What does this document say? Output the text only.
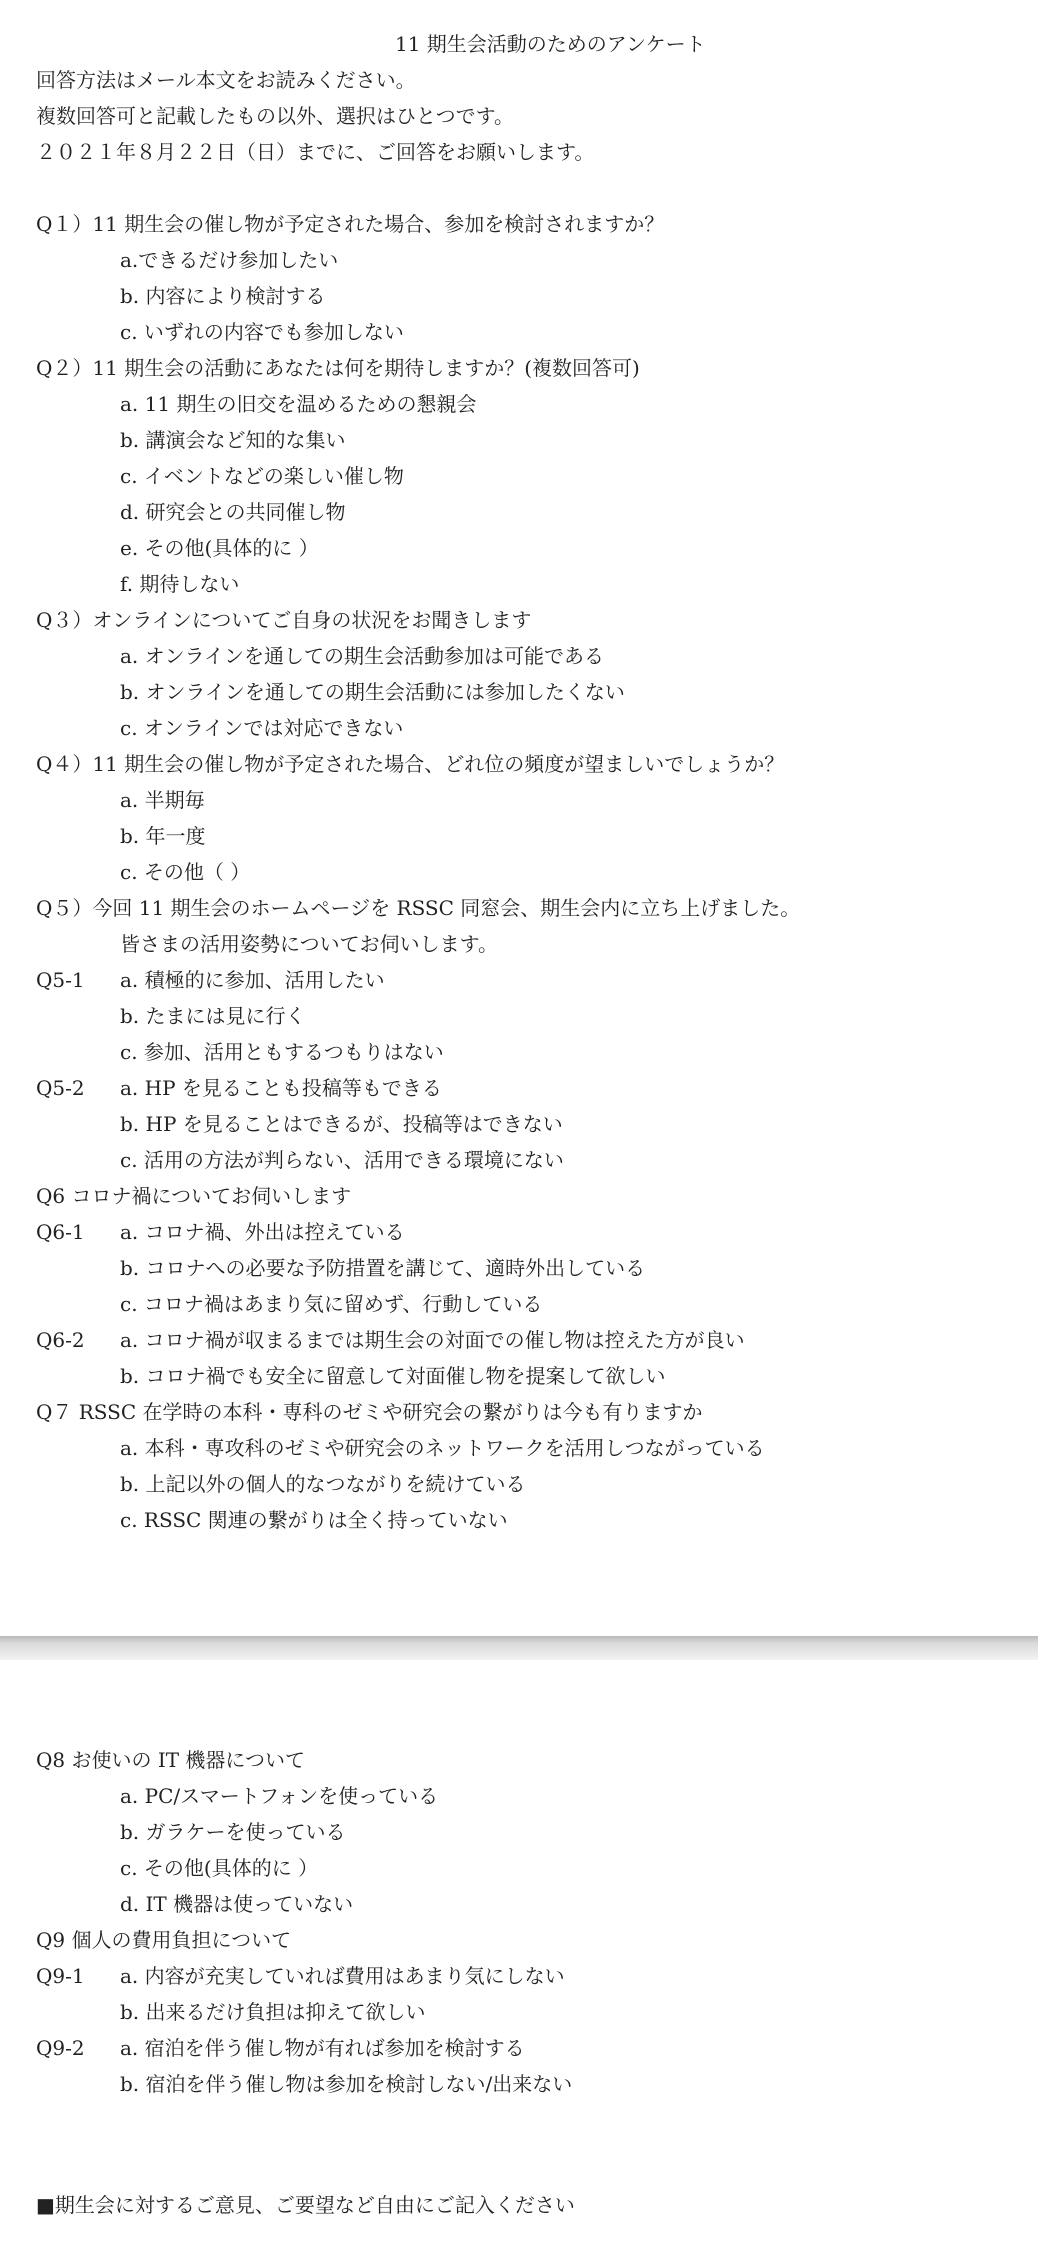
11 期生会活動のためのアンケート
回答方法はメール本文をお読みください。
複数回答可と記載したもの以外、選択はひとつです。
２０２１年８月２２日（日）までに、ご回答をお願いします。
Q１）11 期生会の催し物が予定された場合、参加を検討されますか？
a.できるだけ参加したい
b. 内容により検討する
c. いずれの内容でも参加しない
Q２）11 期生会の活動にあなたは何を期待しますか？(複数回答可)
a. 11 期生の旧交を温めるための懇親会
b. 講演会など知的な集い
c. イベントなどの楽しい催し物
d. 研究会との共同催し物
e. その他(具体的に ）
f. 期待しない
Q３）オンラインについてご自身の状況をお聞きします
a. オンラインを通しての期生会活動参加は可能である
b. オンラインを通しての期生会活動には参加したくない
c. オンラインでは対応できない
Q４）11 期生会の催し物が予定された場合、どれ位の頻度が望ましいでしょうか？
a. 半期毎
b. 年一度
c. その他（ ）
Q５）今回 11 期生会のホームページを RSSC 同窓会、期生会内に立ち上げました。
皆さまの活用姿勢についてお伺いします。
Q5-1 a. 積極的に参加、活用したい
b. たまには見に行く
c. 参加、活用ともするつもりはない
Q5-2 a. HP を見ることも投稿等もできる
b. HP を見ることはできるが、投稿等はできない
c. 活用の方法が判らない、活用できる環境にない
Q6 コロナ禍についてお伺いします
Q6-1 a. コロナ禍、外出は控えている
b. コロナへの必要な予防措置を講じて、適時外出している
c. コロナ禍はあまり気に留めず、行動している
Q6-2 a. コロナ禍が収まるまでは期生会の対面での催し物は控えた方が良い
b. コロナ禍でも安全に留意して対面催し物を提案して欲しい
Q７ RSSC 在学時の本科・専科のゼミや研究会の繋がりは今も有りますか
a. 本科・専攻科のゼミや研究会のネットワークを活用しつながっている
b. 上記以外の個人的なつながりを続けている
c. RSSC 関連の繋がりは全く持っていない
Q8 お使いの IT 機器について
a. PC/スマートフォンを使っている
b. ガラケーを使っている
c. その他(具体的に ）
d. IT 機器は使っていない
Q9 個人の費用負担について
Q9-1 a. 内容が充実していれば費用はあまり気にしない
b. 出来るだけ負担は抑えて欲しい
Q9-2 a. 宿泊を伴う催し物が有れば参加を検討する
b. 宿泊を伴う催し物は参加を検討しない/出来ない
■期生会に対するご意見、ご要望など自由にご記入ください
